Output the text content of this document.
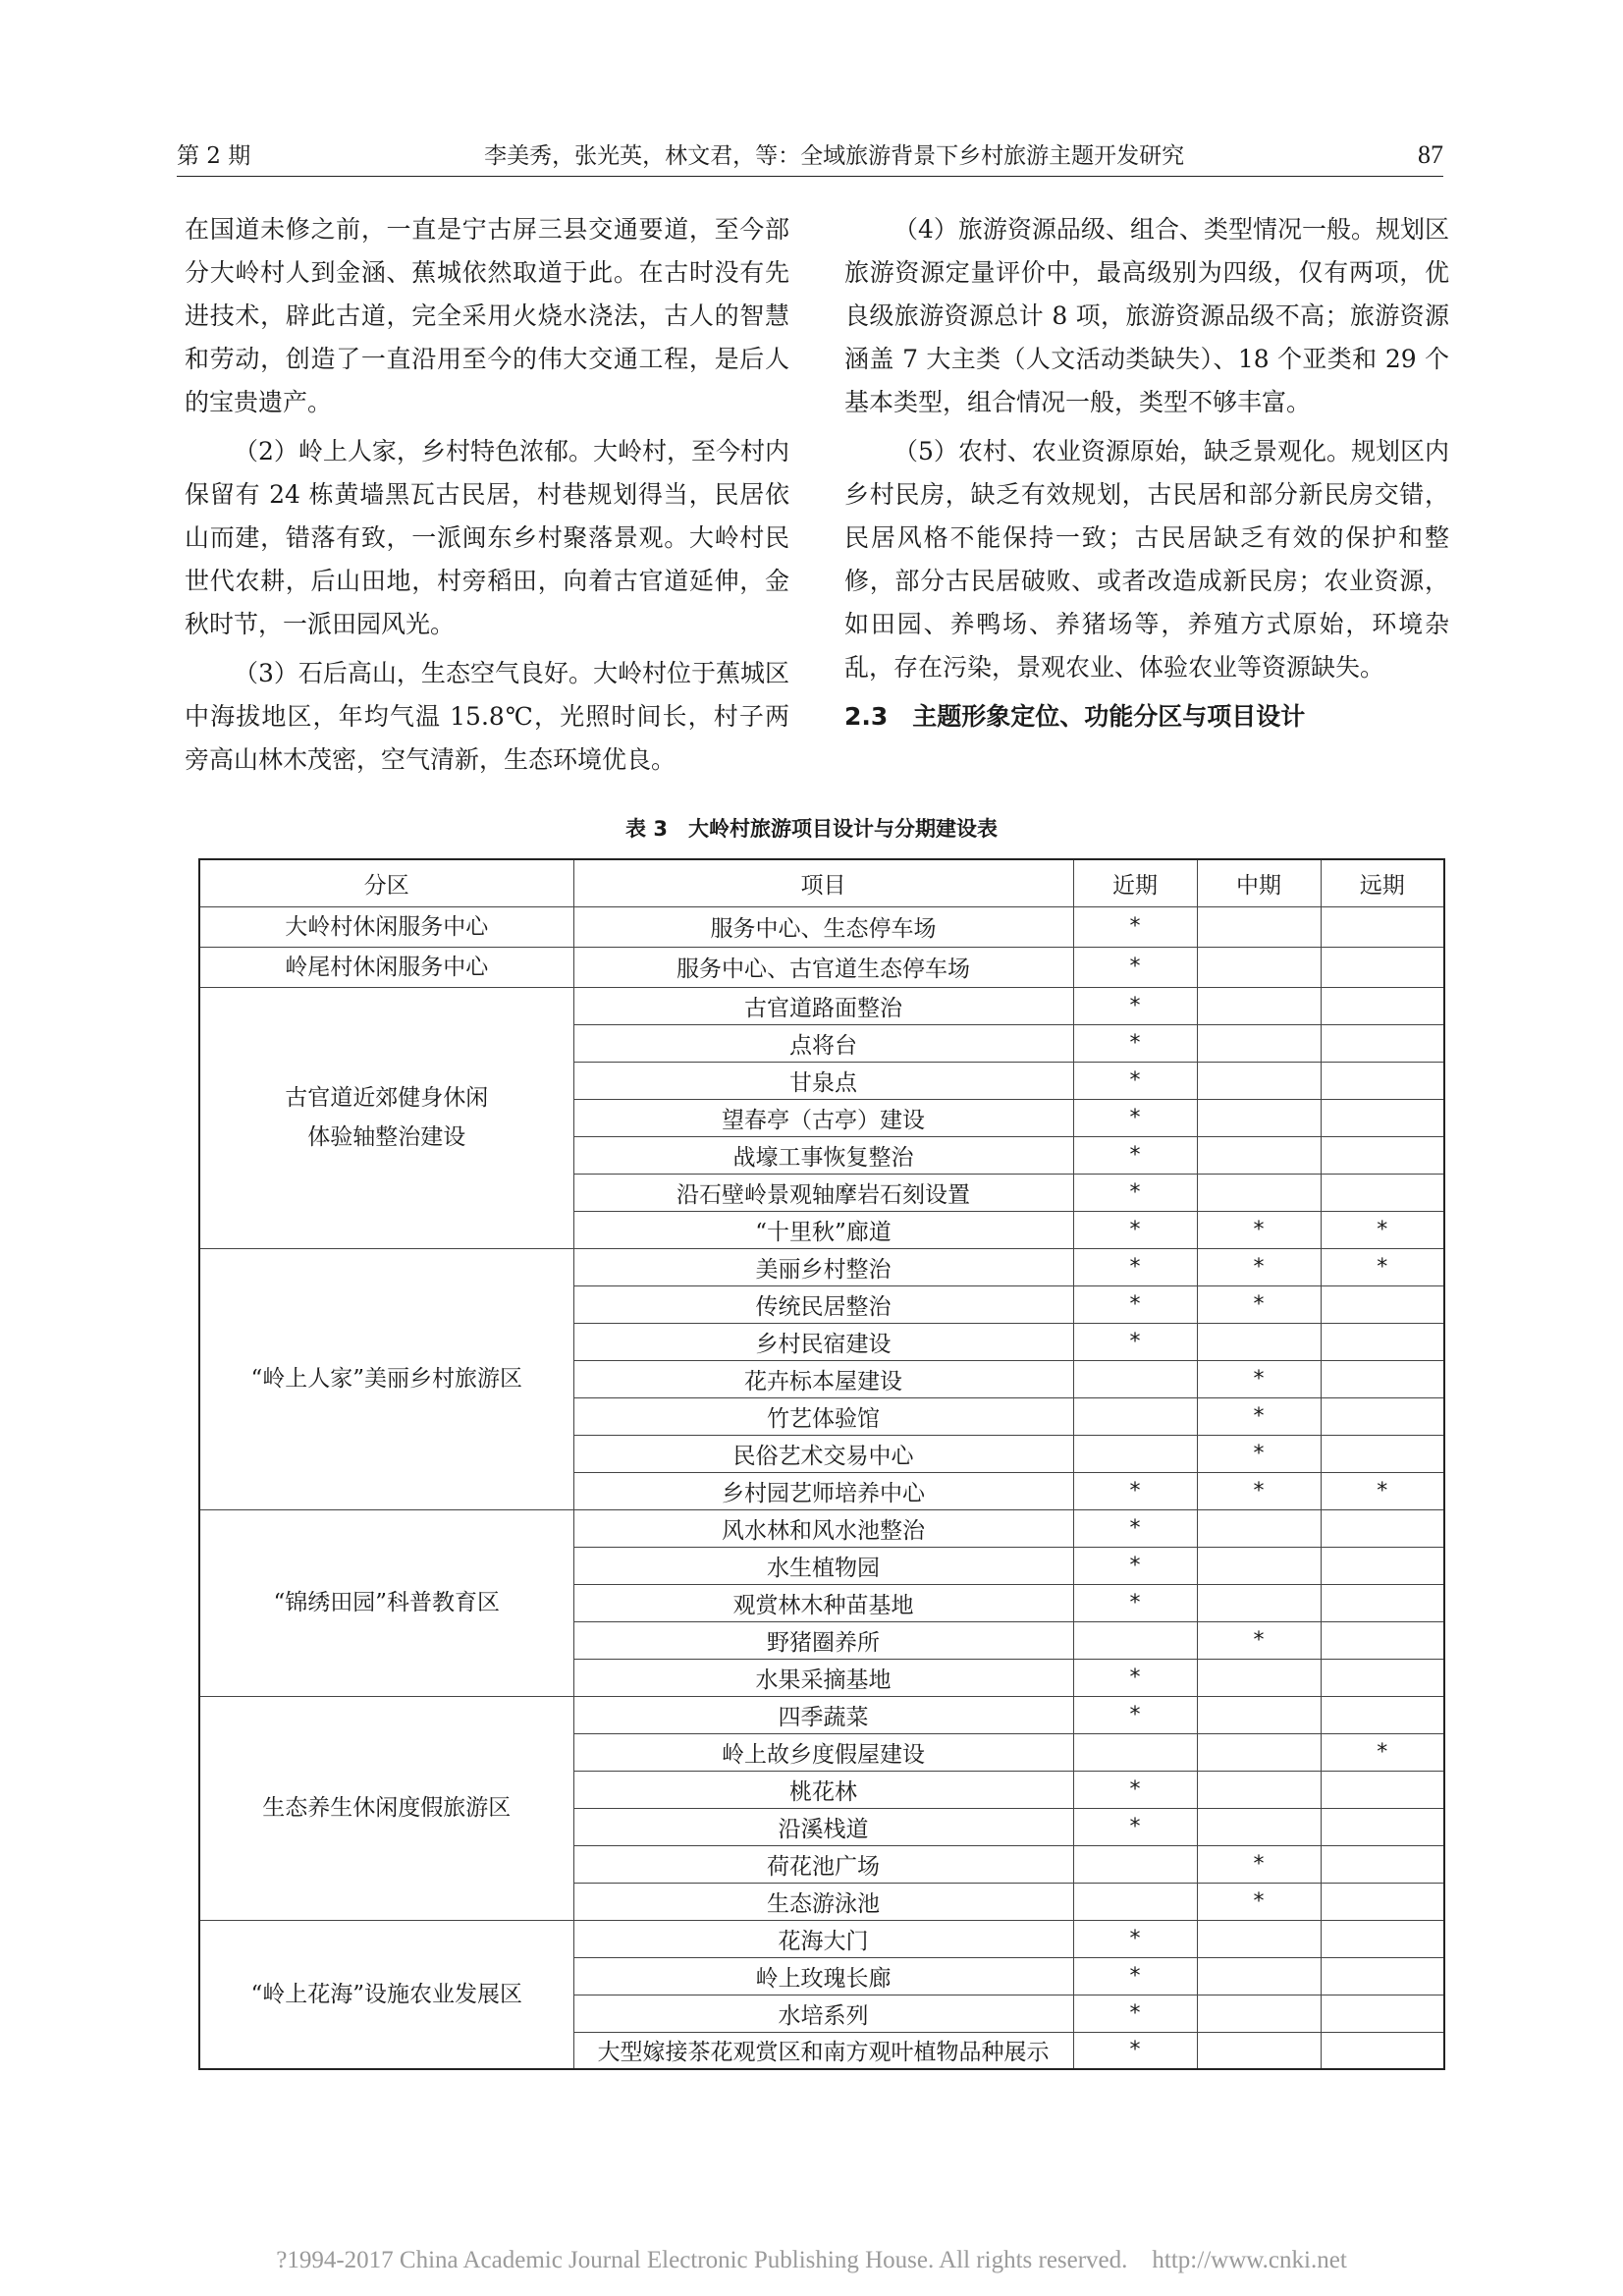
第 2 期	李美秀，张光英，林文君，等：全域旅游背景下乡村旅游主题开发研究	87

在国道未修之前，一直是宁古屏三县交通要道，至今部分大岭村人到金涵、蕉城依然取道于此。在古时没有先进技术，辟此古道，完全采用火烧水浇法，古人的智慧和劳动，创造了一直沿用至今的伟大交通工程，是后人的宝贵遗产。

（2）岭上人家，乡村特色浓郁。大岭村，至今村内保留有 24 栋黄墙黑瓦古民居，村巷规划得当，民居依山而建，错落有致，一派闽东乡村聚落景观。大岭村民世代农耕，后山田地，村旁稻田，向着古官道延伸，金秋时节，一派田园风光。

（3）石后高山，生态空气良好。大岭村位于蕉城区中海拔地区，年均气温 15.8℃，光照时间长，村子两旁高山林木茂密，空气清新，生态环境优良。

（4）旅游资源品级、组合、类型情况一般。规划区旅游资源定量评价中，最高级别为四级，仅有两项，优良级旅游资源总计 8 项，旅游资源品级不高；旅游资源涵盖 7 大主类（人文活动类缺失）、18 个亚类和 29 个基本类型，组合情况一般，类型不够丰富。

（5）农村、农业资源原始，缺乏景观化。规划区内乡村民房，缺乏有效规划，古民居和部分新民房交错，民居风格不能保持一致；古民居缺乏有效的保护和整修，部分古民居破败、或者改造成新民房；农业资源，如田园、养鸭场、养猪场等，养殖方式原始，环境杂乱，存在污染，景观农业、体验农业等资源缺失。

2.3　主题形象定位、功能分区与项目设计
表 3　大岭村旅游项目设计与分期建设表
分区	项目	近期	中期	远期

大岭村休闲服务中心	服务中心、生态停车场	*		

岭尾村休闲服务中心	服务中心、古官道生态停车场	*		

古官道近郊健身休闲
体验轴整治建设	古官道路面整治	*		
	点将台	*		
	甘泉点	*		
	望春亭（古亭）建设	*		
	战壕工事恢复整治	*		
	沿石壁岭景观轴摩岩石刻设置	*		
	“十里秋”廊道	*	*	*

“岭上人家”美丽乡村旅游区	美丽乡村整治	*	*	*
	传统民居整治	*	*	
	乡村民宿建设	*		
	花卉标本屋建设		*	
	竹艺体验馆		*	
	民俗艺术交易中心		*	
	乡村园艺师培养中心	*	*	*

“锦绣田园”科普教育区	风水林和风水池整治	*		
	水生植物园	*		
	观赏林木种苗基地	*		
	野猪圈养所		*	
	水果采摘基地	*		

生态养生休闲度假旅游区	四季蔬菜	*		
	岭上故乡度假屋建设			*
	桃花林	*		
	沿溪栈道	*		
	荷花池广场		*	
	生态游泳池		*	

“岭上花海”设施农业发展区	花海大门	*		
	岭上玫瑰长廊	*		
	水培系列	*		
	大型嫁接茶花观赏区和南方观叶植物品种展示	*		
?1994-2017 China Academic Journal Electronic Publishing House. All rights reserved.    http://www.cnki.net
